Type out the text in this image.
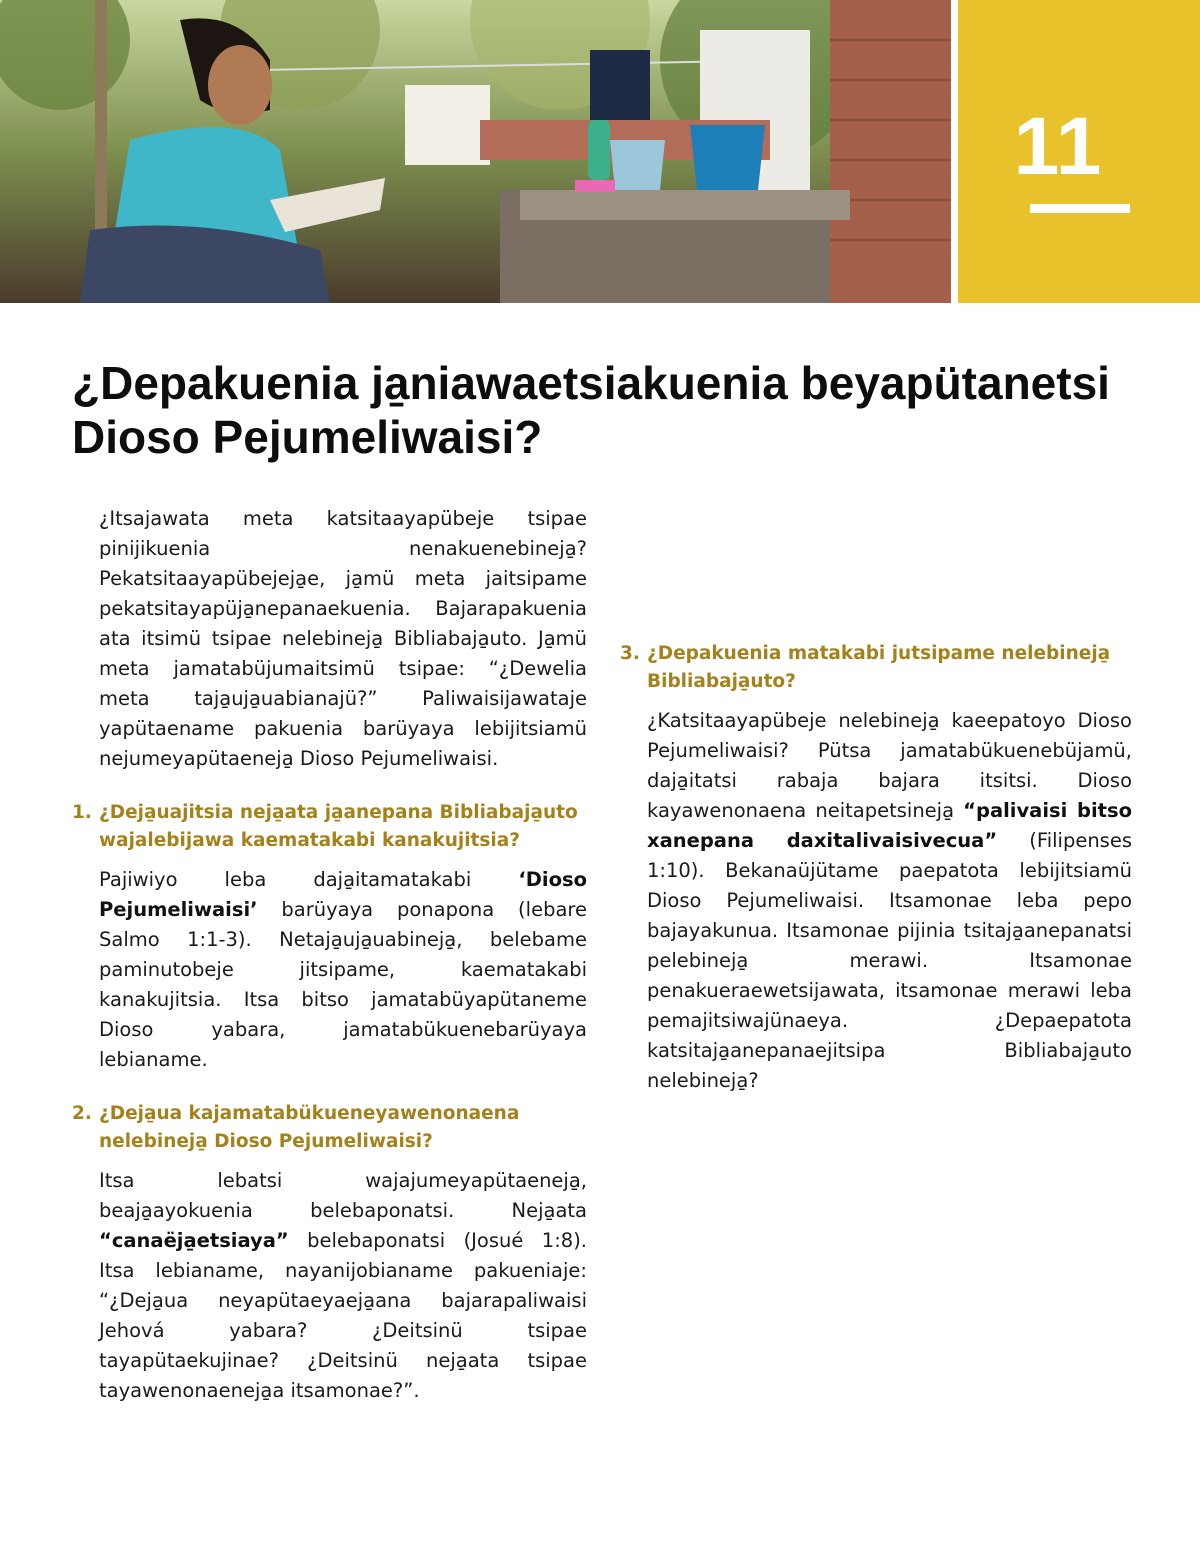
11
¿Depakuenia ja̱niawaetsiakuenia beyapütanetsi Dioso Pejumeliwaisi?

¿Itsajawata meta katsitaayapübeje tsipae pinijikuenia nenakuenebineja̱? Pekatsitaayapübejeja̱e, ja̱mü meta jaitsipame pekatsitayapüja̱nepanaekuenia. Bajarapakuenia ata itsimü tsipae nelebineja̱ Bibliabaja̱uto. Ja̱mü meta jamatabüjumaitsimü tsipae: “¿Dewelia meta taja̱uja̱uabianajü?” Paliwaisijawataje yapütaename pakuenia barüyaya lebijitsiamü nejumeyapütaeneja̱ Dioso Pejumeliwaisi.

1. ¿Deja̱uajitsia neja̱ata ja̱anepana Bibliabaja̱uto wajalebijawa kaematakabi kanakujitsia?

Pajiwiyo leba daja̱itamatakabi ‘Dioso Pejumeliwaisi’ barüyaya ponapona (lebare Salmo 1:1-3). Netaja̱uja̱uabineja̱, belebame paminutobeje jitsipame, kaematakabi kanakujitsia. Itsa bitso jamatabüyapütaneme Dioso yabara, jamatabükuenebarüyaya lebianame.

2. ¿Deja̱ua kajamatabükueneyawenonaena nelebineja̱ Dioso Pejumeliwaisi?

Itsa lebatsi wajajumeyapütaeneja̱, beaja̱ayokuenia belebaponatsi. Neja̱ata “canaëja̱etsiaya” belebaponatsi (Josué 1:8). Itsa lebianame, nayanijobianame pakueniaje: “¿Deja̱ua neyapütaeyaeja̱ana bajarapaliwaisi Jehová yabara? ¿Deitsinü tsipae tayapütaekujinae? ¿Deitsinü neja̱ata tsipae tayawenonaeneja̱a itsamonae?”.

3. ¿Depakuenia matakabi jutsipame nelebineja̱ Bibliabaja̱uto?

¿Katsitaayapübeje nelebineja̱ kaeepatoyo Dioso Pejumeliwaisi? Pütsa jamatabükuenebüjamü, daja̱itatsi rabaja bajara itsitsi. Dioso kayawenonaena neitapetsineja̱ “palivaisi bitso xanepana daxitalivaisivecua” (Filipenses 1:10). Bekanaüjütame paepatota lebijitsiamü Dioso Pejumeliwaisi. Itsamonae leba pepo bajayakunua. Itsamonae pijinia tsitaja̱anepanatsi pelebineja̱ merawi. Itsamonae penakueraewetsijawata, itsamonae merawi leba pemajitsiwajünaeya. ¿Depaepatota katsitaja̱anepanaejitsipa Bibliabaja̱uto nelebineja̱?
